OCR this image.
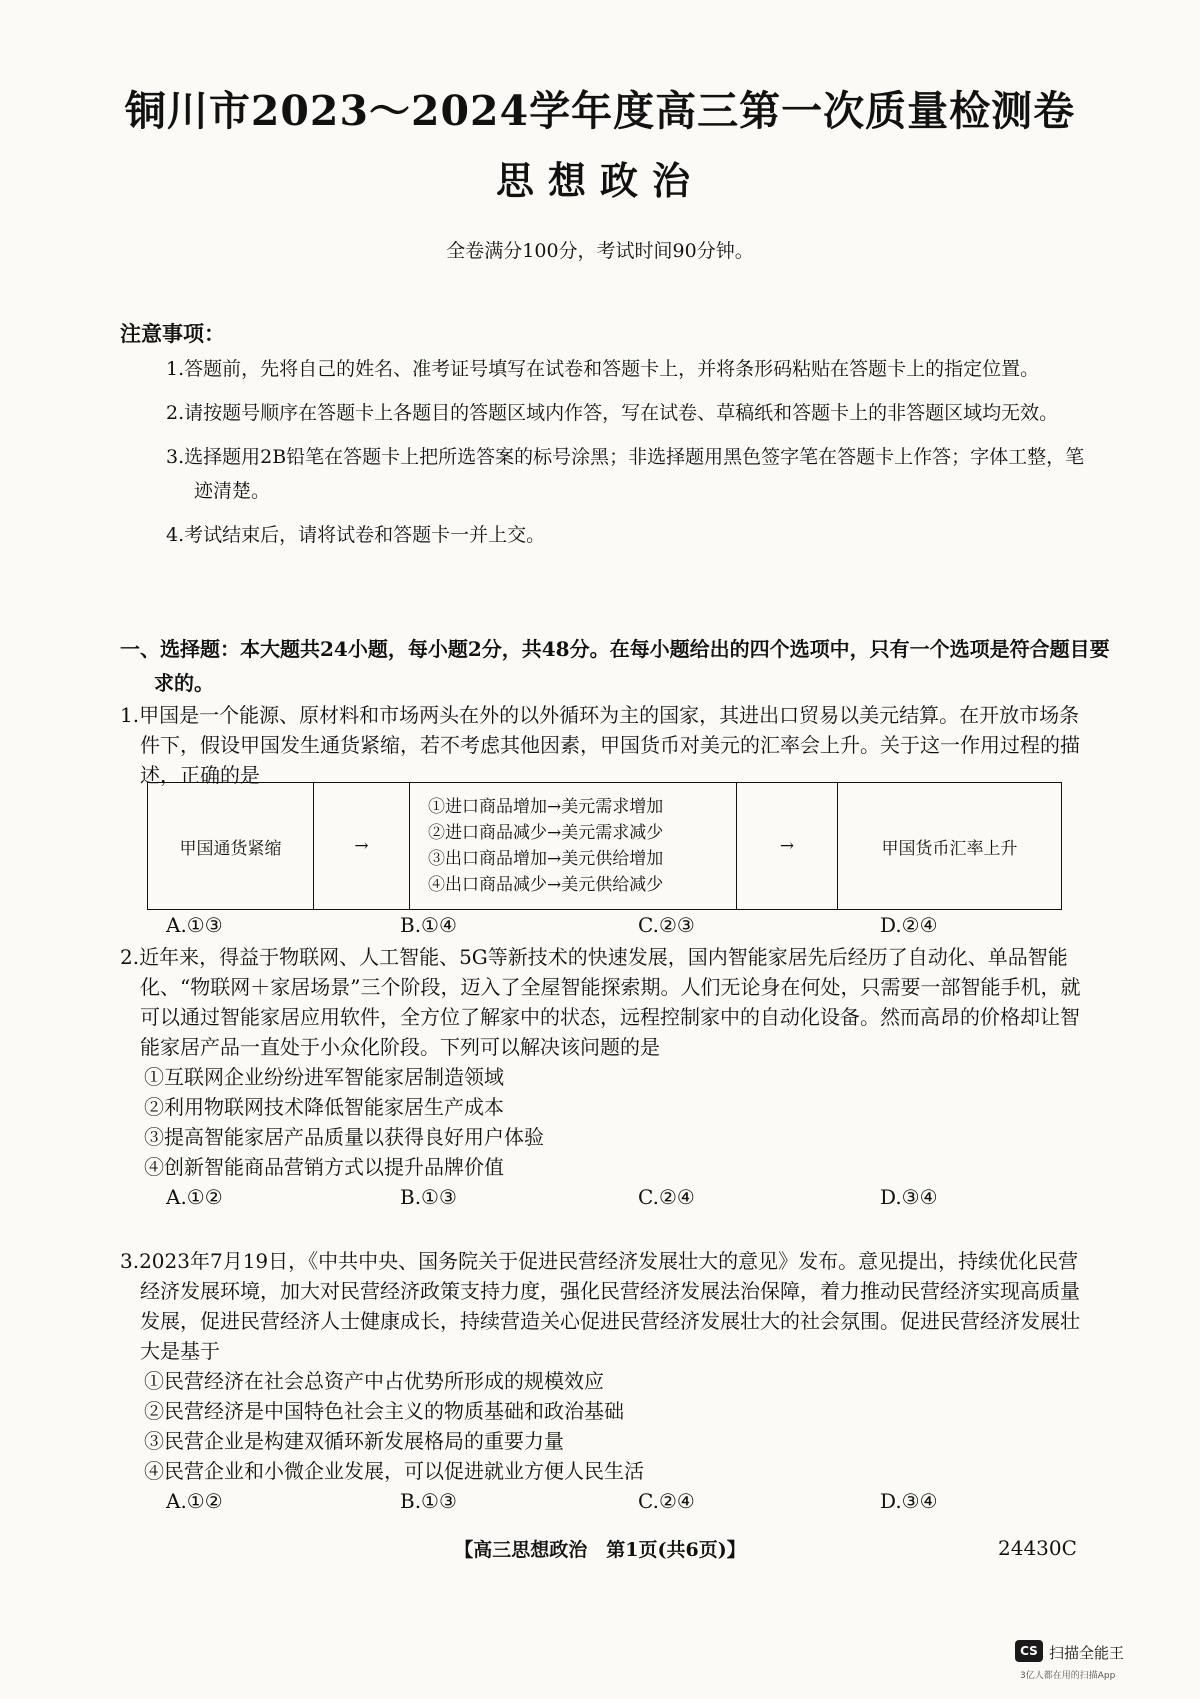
铜川市2023～2024学年度高三第一次质量检测卷
思想政治
全卷满分100分，考试时间90分钟。
注意事项：

1.答题前，先将自己的姓名、准考证号填写在试卷和答题卡上，并将条形码粘贴在答题卡上的指定位置。

2.请按题号顺序在答题卡上各题目的答题区域内作答，写在试卷、草稿纸和答题卡上的非答题区域均无效。

3.选择题用2B铅笔在答题卡上把所选答案的标号涂黑；非选择题用黑色签字笔在答题卡上作答；字体工整，笔迹清楚。

4.考试结束后，请将试卷和答题卡一并上交。

一、选择题：本大题共24小题，每小题2分，共48分。在每小题给出的四个选项中，只有一个选项是符合题目要求的。

1.甲国是一个能源、原材料和市场两头在外的以外循环为主的国家，其进出口贸易以美元结算。在开放市场条件下，假设甲国发生通货紧缩，若不考虑其他因素，甲国货币对美元的汇率会上升。关于这一作用过程的描述，正确的是

甲国通货紧缩	→
①进口商品增加→美元需求增加
②进口商品减少→美元需求减少
③出口商品增加→美元供给增加
④出口商品减少→美元供给减少
→	甲国货币汇率上升
A.①③	B.①④	C.②③	D.②④

2.近年来，得益于物联网、人工智能、5G等新技术的快速发展，国内智能家居先后经历了自动化、单品智能化、“物联网＋家居场景”三个阶段，迈入了全屋智能探索期。人们无论身在何处，只需要一部智能手机，就可以通过智能家居应用软件，全方位了解家中的状态，远程控制家中的自动化设备。然而高昂的价格却让智能家居产品一直处于小众化阶段。下列可以解决该问题的是

①互联网企业纷纷进军智能家居制造领域

②利用物联网技术降低智能家居生产成本

③提高智能家居产品质量以获得良好用户体验

④创新智能商品营销方式以提升品牌价值

A.①②	B.①③	C.②④	D.③④

3.2023年7月19日，《中共中央、国务院关于促进民营经济发展壮大的意见》发布。意见提出，持续优化民营经济发展环境，加大对民营经济政策支持力度，强化民营经济发展法治保障，着力推动民营经济实现高质量发展，促进民营经济人士健康成长，持续营造关心促进民营经济发展壮大的社会氛围。促进民营经济发展壮大是基于

①民营经济在社会总资产中占优势所形成的规模效应

②民营经济是中国特色社会主义的物质基础和政治基础

③民营企业是构建双循环新发展格局的重要力量

④民营企业和小微企业发展，可以促进就业方便人民生活

A.①②	B.①③	C.②④	D.③④
【高三思想政治　第1页(共6页)】	24430C
CS 扫描全能王
3亿人都在用的扫描App
